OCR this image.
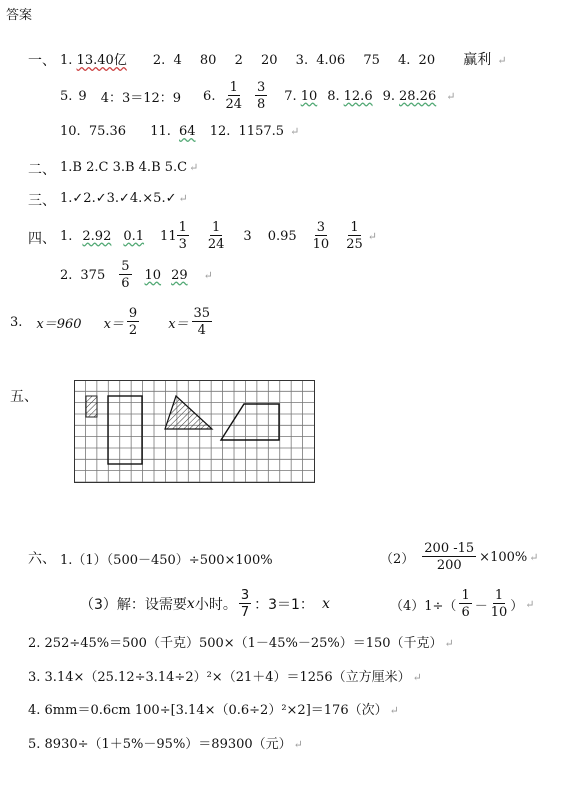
答案
一、 1. 13.40亿 2. 4 80 2 20 3. 4.06 75 4. 20 赢利 ↵
5. 9 4：3＝12：9 6. $\frac{1}{24} \frac{3}{8} 7$. 10 8. 12.6 9. 28.26 ↵
10. 75.36 11. 64 12. 1157.5 ↵
二、 1.B 2.C 3.B 4.B 5.C ↵
三、 1.✓2.✓3.✓4.×5.✓ ↵
四、 1. 2.92 0.1 $11 \frac{1}{3} \frac{1}{24} 3$ $0.95 \frac{3}{10} \frac{1}{25}$ ↵
2. $375 \frac{5}{6} 10$ 29 ↵
3. x＝960 $x= \frac{9}{2} x= \frac{35}{4}$
五、
六、 1.（1）（500－450）÷500×100%	$(2) \frac{200 -15}{200} \times 100\%$ ↵
（3）解：设需要 x 小时。 $\frac{3}{7}$ ：3＝1： x	$(4)1\div( \frac{1}{6} - \frac{1}{10}$ ） ↵
2. 252÷45%＝500（千克）500×（1－45%－25%）＝150（千克） ↵
3. 3.14×（25.12÷3.14÷2）²×（21＋4）＝1256（立方厘米） ↵
4. 6mm＝0.6cm 100÷[3.14×（0.6÷2）²×2]＝176（次） ↵
5. 8930÷（1＋5%－95%）＝89300（元） ↵
